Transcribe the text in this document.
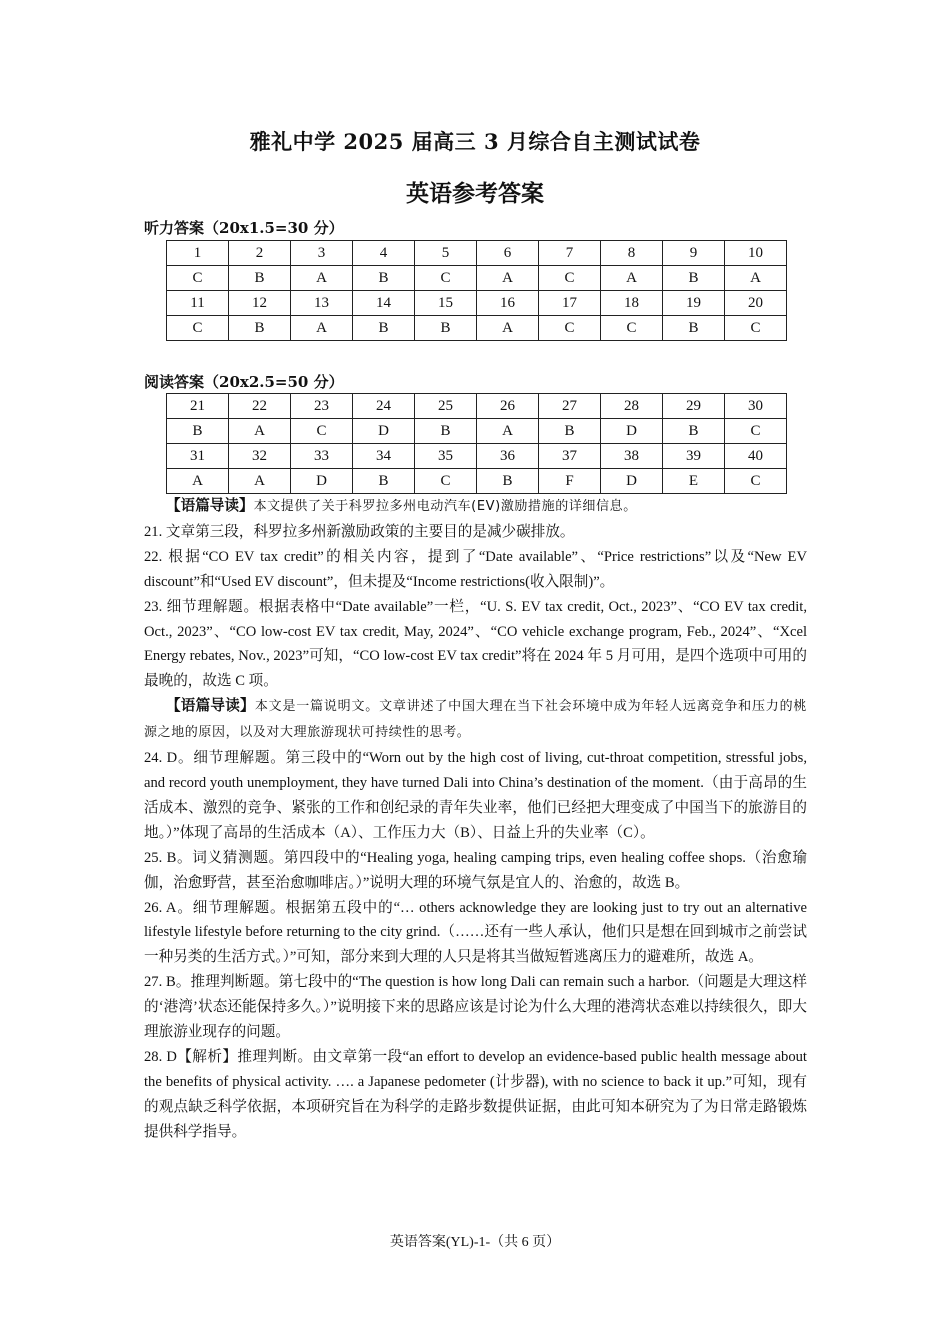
雅礼中学 2025 届高三 3 月综合自主测试试卷
英语参考答案
听力答案（20x1.5=30 分）
1	2	3	4	5	6	7	8	9	10
C	B	A	B	C	A	C	A	B	A
11	12	13	14	15	16	17	18	19	20
C	B	A	B	B	A	C	C	B	C
阅读答案（20x2.5=50 分）
21	22	23	24	25	26	27	28	29	30
B	A	C	D	B	A	B	D	B	C
31	32	33	34	35	36	37	38	39	40
A	A	D	B	C	B	F	D	E	C

【语篇导读】本文提供了关于科罗拉多州电动汽车(EV)激励措施的详细信息。

21. 文章第三段，科罗拉多州新激励政策的主要目的是减少碳排放。

22. 根据“CO EV tax credit”的相关内容，提到了“Date available”、“Price restrictions”以及“New EV discount”和“Used EV discount”，但未提及“Income restrictions(收入限制)”。

23. 细节理解题。根据表格中“Date available”一栏，“U. S. EV tax credit, Oct., 2023”、“CO EV tax credit, Oct., 2023”、“CO low-cost EV tax credit, May, 2024”、“CO vehicle exchange program, Feb., 2024”、“Xcel Energy rebates, Nov., 2023”可知，“CO low-cost EV tax credit”将在 2024 年 5 月可用，是四个选项中可用的最晚的，故选 C 项。

【语篇导读】本文是一篇说明文。文章讲述了中国大理在当下社会环境中成为年轻人远离竞争和压力的桃源之地的原因，以及对大理旅游现状可持续性的思考。

24. D。细节理解题。第三段中的“Worn out by the high cost of living, cut-throat competition, stressful jobs, and record youth unemployment, they have turned Dali into China’s destination of the moment.（由于高昂的生活成本、激烈的竞争、紧张的工作和创纪录的青年失业率，他们已经把大理变成了中国当下的旅游目的地。）”体现了高昂的生活成本（A）、工作压力大（B）、日益上升的失业率（C）。

25. B。词义猜测题。第四段中的“Healing yoga, healing camping trips, even healing coffee shops.（治愈瑜伽，治愈野营，甚至治愈咖啡店。）”说明大理的环境气氛是宜人的、治愈的，故选 B。

26. A。细节理解题。根据第五段中的“… others acknowledge they are looking just to try out an alternative lifestyle lifestyle before returning to the city grind.（……还有一些人承认，他们只是想在回到城市之前尝试一种另类的生活方式。）”可知，部分来到大理的人只是将其当做短暂逃离压力的避难所，故选 A。

27. B。推理判断题。第七段中的“The question is how long Dali can remain such a harbor.（问题是大理这样的‘港湾’状态还能保持多久。）”说明接下来的思路应该是讨论为什么大理的港湾状态难以持续很久，即大理旅游业现存的问题。

28. D【解析】推理判断。由文章第一段“an effort to develop an evidence-based public health message about the benefits of physical activity. …. a Japanese pedometer (计步器), with no science to back it up.”可知，现有的观点缺乏科学依据，本项研究旨在为科学的走路步数提供证据，由此可知本研究为了为日常走路锻炼提供科学指导。

英语答案(YL)-1-（共 6 页）
